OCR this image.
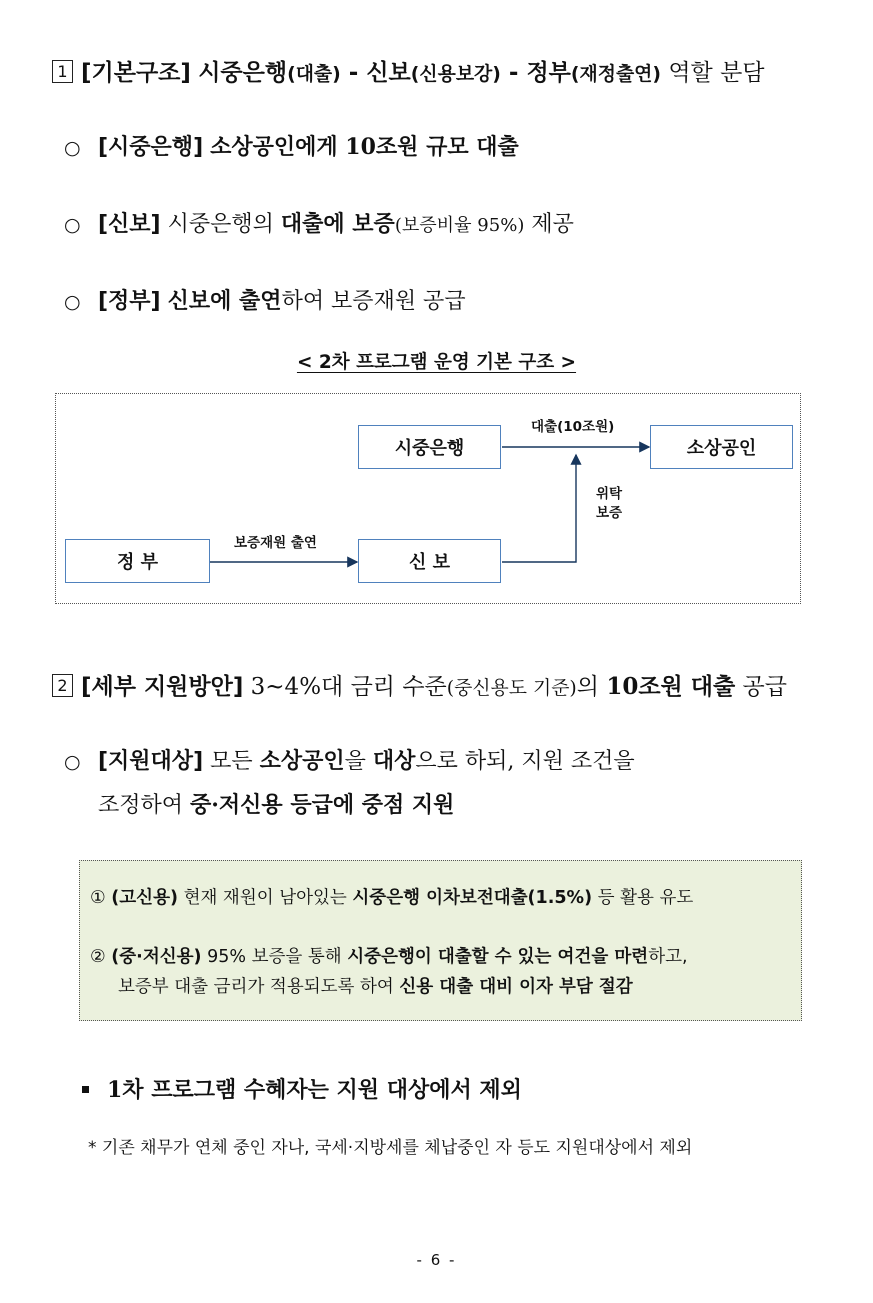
1 [기본구조] 시중은행(대출) - 신보(신용보강) - 정부(재정출연) 역할 분담
○ [시중은행] 소상공인에게 10조원 규모 대출
○ [신보] 시중은행의 대출에 보증(보증비율 95%) 제공
○ [정부] 신보에 출연하여 보증재원 공급
< 2차 프로그램 운영 기본 구조 >
시중은행	소상공인
정 부	신 보
대출(10조원)
위탁
보증
보증재원 출연
2 [세부 지원방안] 3~4%대 금리 수준(중신용도 기준)의 10조원 대출 공급
○ [지원대상] 모든 소상공인을 대상으로 하되, 지원 조건을
조정하여 중·저신용 등급에 중점 지원
① (고신용) 현재 재원이 남아있는 시중은행 이차보전대출(1.5%) 등 활용 유도
② (중·저신용) 95% 보증을 통해 시중은행이 대출할 수 있는 여건을 마련하고,
보증부 대출 금리가 적용되도록 하여 신용 대출 대비 이자 부담 절감
1차 프로그램 수혜자는 지원 대상에서 제외
* 기존 채무가 연체 중인 자나, 국세·지방세를 체납중인 자 등도 지원대상에서 제외
- 6 -
